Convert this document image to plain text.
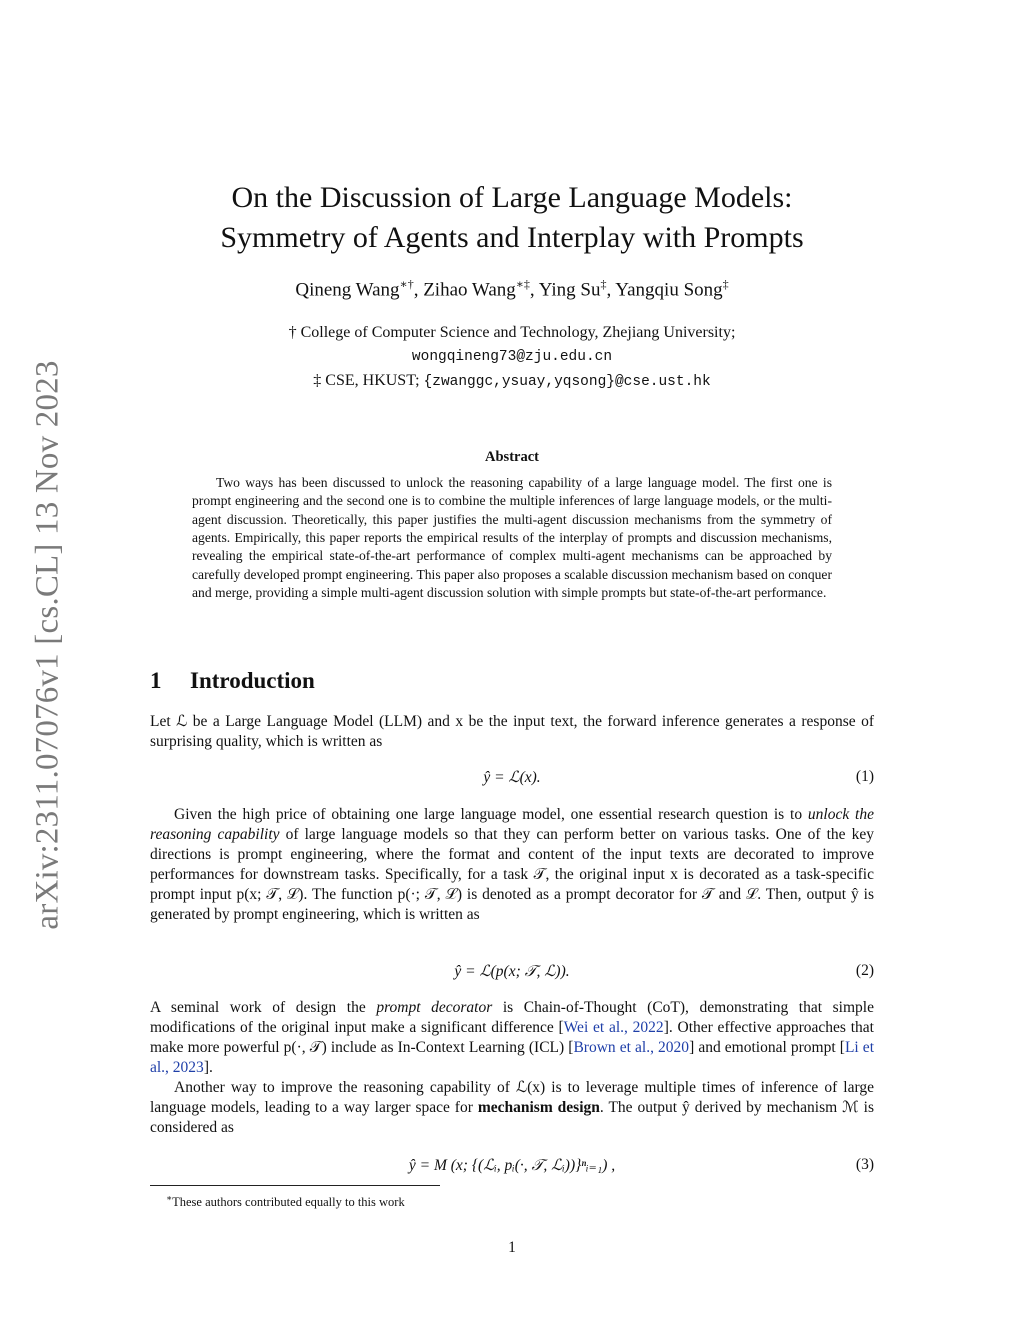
arXiv:2311.07076v1 [cs.CL] 13 Nov 2023
On the Discussion of Large Language Models:
Symmetry of Agents and Interplay with Prompts
Qineng Wang∗†, Zihao Wang∗‡, Ying Su‡, Yangqiu Song‡
† College of Computer Science and Technology, Zhejiang University;
wongqineng73@zju.edu.cn
‡ CSE, HKUST; {zwanggc,ysuay,yqsong}@cse.ust.hk
Abstract

Two ways has been discussed to unlock the reasoning capability of a large language model. The first one is prompt engineering and the second one is to combine the multiple inferences of large language models, or the multi-agent discussion. Theoretically, this paper justifies the multi-agent discussion mechanisms from the symmetry of agents. Empirically, this paper reports the empirical results of the interplay of prompts and discussion mechanisms, revealing the empirical state-of-the-art performance of complex multi-agent mechanisms can be approached by carefully developed prompt engineering. This paper also proposes a scalable discussion mechanism based on conquer and merge, providing a simple multi-agent discussion solution with simple prompts but state-of-the-art performance.

1 Introduction

Let ℒ be a Large Language Model (LLM) and x be the input text, the forward inference generates a response of surprising quality, which is written as

ŷ = ℒ(x).	(1)

Given the high price of obtaining one large language model, one essential research question is to unlock the reasoning capability of large language models so that they can perform better on various tasks. One of the key directions is prompt engineering, where the format and content of the input texts are decorated to improve performances for downstream tasks. Specifically, for a task 𝒯, the original input x is decorated as a task-specific prompt input p(x; 𝒯, ℒ). The function p(·; 𝒯, ℒ) is denoted as a prompt decorator for 𝒯 and ℒ. Then, output ŷ is generated by prompt engineering, which is written as

ŷ = ℒ(p(x; 𝒯, ℒ)).	(2)

A seminal work of design the prompt decorator is Chain-of-Thought (CoT), demonstrating that simple modifications of the original input make a significant difference [Wei et al., 2022]. Other effective approaches that make more powerful p(·, 𝒯) include as In-Context Learning (ICL) [Brown et al., 2020] and emotional prompt [Li et al., 2023].

Another way to improve the reasoning capability of ℒ(x) is to leverage multiple times of inference of large language models, leading to a way larger space for mechanism design. The output ŷ derived by mechanism ℳ is considered as

ŷ = M (x; {(ℒᵢ, pᵢ(·, 𝒯, ℒᵢ))}ⁿᵢ₌₁) ,	(3)
∗These authors contributed equally to this work
1
